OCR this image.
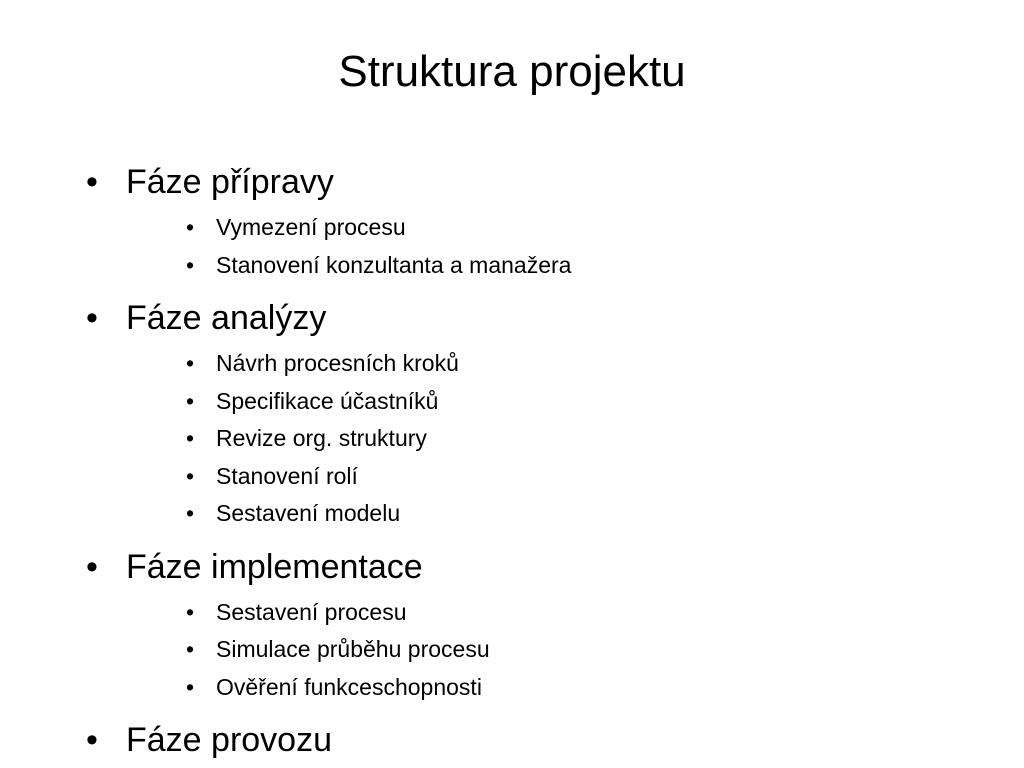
Struktura projektu
• Fáze přípravy
• Vymezení procesu
• Stanovení konzultanta a manažera
• Fáze analýzy
• Návrh procesních kroků
• Specifikace účastníků
• Revize org. struktury
• Stanovení rolí
• Sestavení modelu
• Fáze implementace
• Sestavení procesu
• Simulace průběhu procesu
• Ověření funkceschopnosti
• Fáze provozu
